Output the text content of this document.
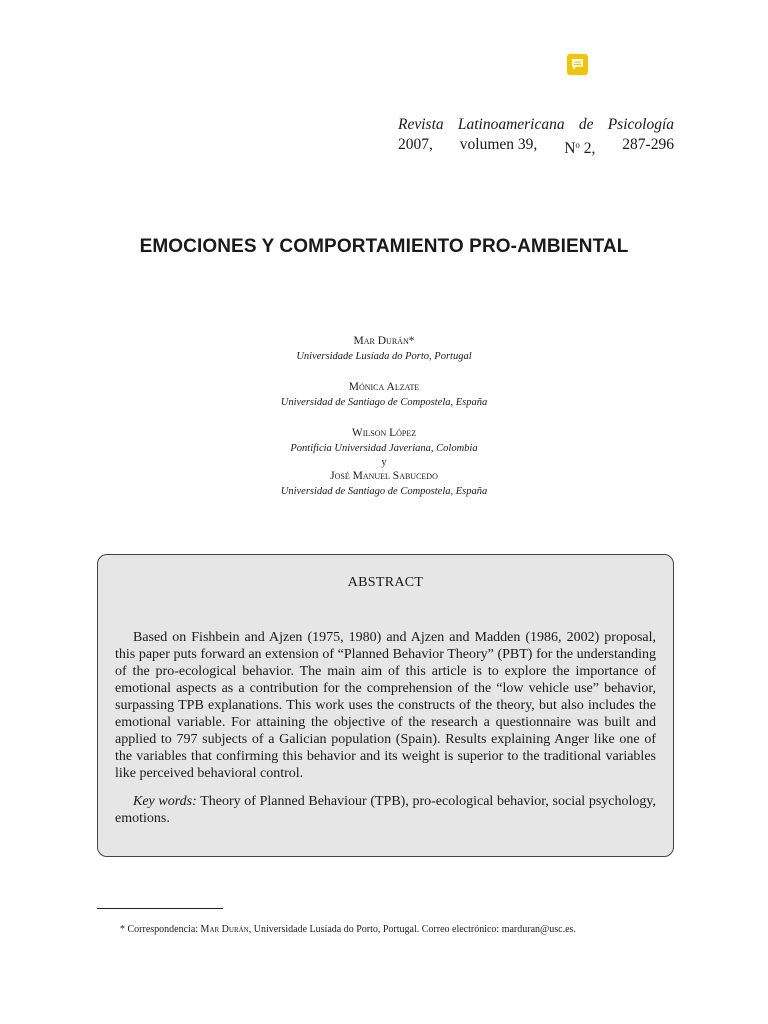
Revista Latinoamericana de Psicología
2007, volumen 39, $N^o$ 2, 287-296
EMOCIONES Y COMPORTAMIENTO PRO-AMBIENTAL
Mar Durán*
Universidade Lusíada do Porto, Portugal
Mónica Alzate
Universidad de Santiago de Compostela, España
Wilson López
Pontificia Universidad Javeriana, Colombia
y
José Manuel Sabucedo
Universidad de Santiago de Compostela, España
ABSTRACT

Based on Fishbein and Ajzen (1975, 1980) and Ajzen and Madden (1986, 2002) proposal, this paper puts forward an extension of “Planned Behavior Theory” (PBT) for the understanding of the pro-ecological behavior. The main aim of this article is to explore the importance of emotional aspects as a contribution for the comprehension of the “low vehicle use” behavior, surpassing TPB explanations. This work uses the constructs of the theory, but also includes the emotional variable. For attaining the objective of the research a questionnaire was built and applied to 797 subjects of a Galician population (Spain). Results explaining Anger like one of the variables that confirming this behavior and its weight is superior to the traditional variables like perceived behavioral control.

Key words: Theory of Planned Behaviour (TPB), pro-ecological behavior, social psychology, emotions.

* Correspondencia: Mar Durán, Universidade Lusíada do Porto, Portugal. Correo electrónico: marduran@usc.es.
